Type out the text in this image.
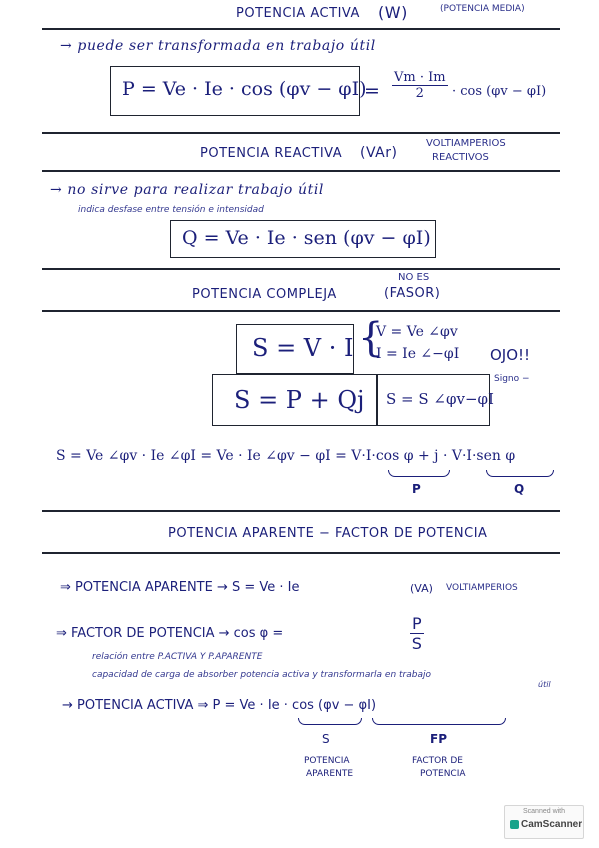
POTENCIA ACTIVA (W)	(POTENCIA MEDIA)
→ puede ser transformada en trabajo útil
P = Ve · Ie · cos (φv − φI)
= $\frac{Vm \cdot Im}{2} \cdot \cos (\varphi v - \varphi I)$
POTENCIA REACTIVA (VAr)
VOLTIAMPERIOS
REACTIVOS
→ no sirve para realizar trabajo útil
indica desfase entre tensión e intensidad
Q = Ve · Ie · sen (φv − φI)
NO ES
POTENCIA COMPLEJA	(FASOR)
S = V · I {
V = Ve ∠φv
I = Ie ∠−φI OJO!!
Signo −
S = P + Qj S = S ∠φv−φI
S = Ve ∠φv · Ie ∠φI = Ve · Ie ∠φv − φI = V·I·cos φ + j · V·I·sen φ
P	Q
POTENCIA APARENTE − FACTOR DE POTENCIA
⇒ POTENCIA APARENTE → S = Ve · Ie	(VA) VOLTIAMPERIOS
⇒ FACTOR DE POTENCIA → cos φ =	$\frac{P}{S}$
relación entre P.ACTIVA Y P.APARENTE
capacidad de carga de absorber potencia activa y transformarla en trabajo
útil
→ POTENCIA ACTIVA ⇒ P = Ve · Ie · cos (φv − φI)
S	FP
POTENCIA
APARENTE
FACTOR DE
POTENCIA
Scanned with
CamScanner
